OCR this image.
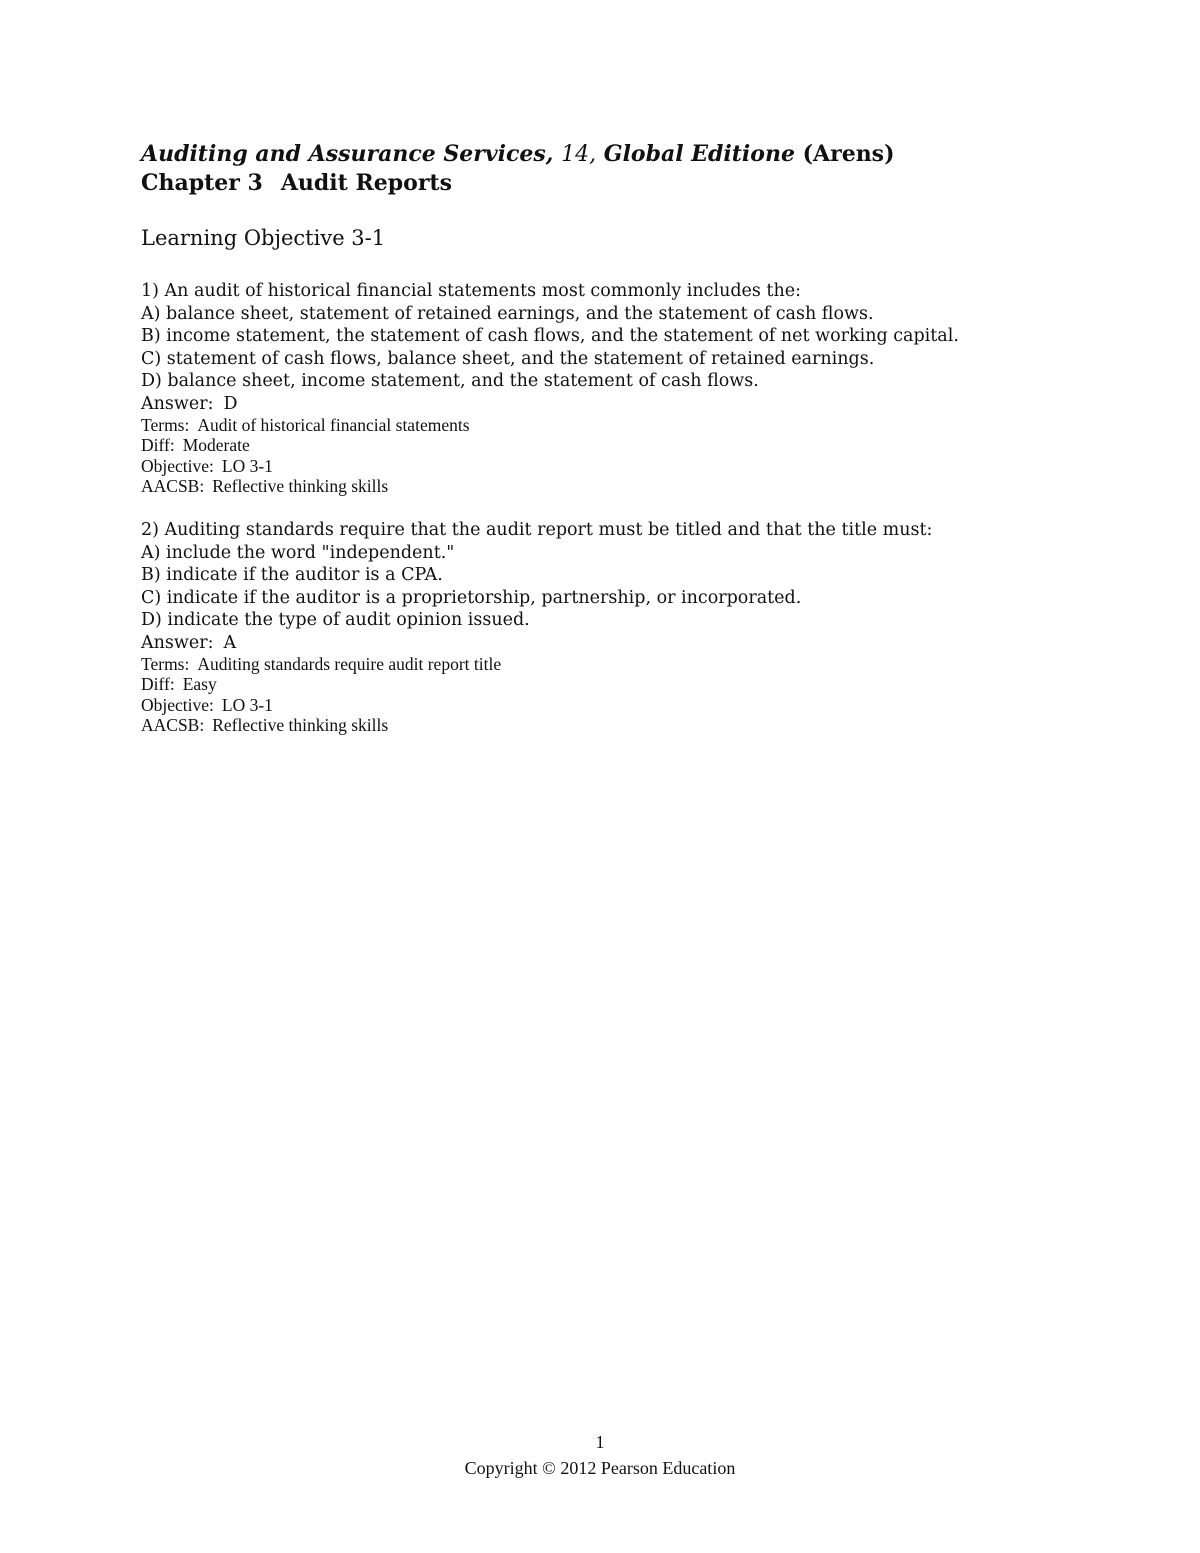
Auditing and Assurance Services, 14, Global Editione (Arens)
Chapter 3 Audit Reports
Learning Objective 3-1
1) An audit of historical financial statements most commonly includes the:
A) balance sheet, statement of retained earnings, and the statement of cash flows.
B) income statement, the statement of cash flows, and the statement of net working capital.
C) statement of cash flows, balance sheet, and the statement of retained earnings.
D) balance sheet, income statement, and the statement of cash flows.
Answer: D
Terms: Audit of historical financial statements
Diff: Moderate
Objective: LO 3-1
AACSB: Reflective thinking skills
2) Auditing standards require that the audit report must be titled and that the title must:
A) include the word "independent."
B) indicate if the auditor is a CPA.
C) indicate if the auditor is a proprietorship, partnership, or incorporated.
D) indicate the type of audit opinion issued.
Answer: A
Terms: Auditing standards require audit report title
Diff: Easy
Objective: LO 3-1
AACSB: Reflective thinking skills
1
Copyright © 2012 Pearson Education
